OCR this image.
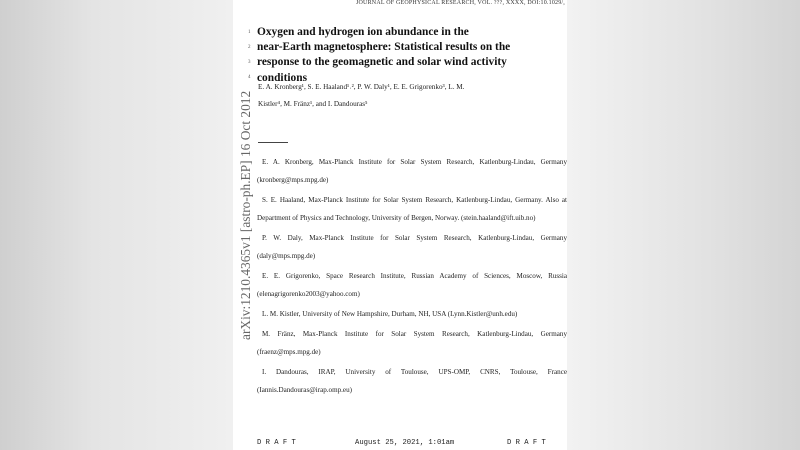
JOURNAL OF GEOPHYSICAL RESEARCH, VOL. ???, XXXX, DOI:10.1029/,
1
2
3
4
Oxygen and hydrogen ion abundance in the
near-Earth magnetosphere: Statistical results on the
response to the geomagnetic and solar wind activity
conditions
E. A. Kronberg¹, S. E. Haaland¹˒², P. W. Daly¹, E. E. Grigorenko³, L. M.
Kistler⁴, M. Fränz¹, and I. Dandouras⁵
arXiv:1210.4365v1 [astro-ph.EP] 16 Oct 2012	E. A. Kronberg, Max-Planck Institute for Solar System Research, Katlenburg-Lindau, Germany (kronberg@mps.mpg.de)

S. E. Haaland, Max-Planck Institute for Solar System Research, Katlenburg-Lindau, Germany. Also at Department of Physics and Technology, University of Bergen, Norway. (stein.haaland@ift.uib.no)

P. W. Daly, Max-Planck Institute for Solar System Research, Katlenburg-Lindau, Germany (daly@mps.mpg.de)

E. E. Grigorenko, Space Research Institute, Russian Academy of Sciences, Moscow, Russia (elenagrigorenko2003@yahoo.com)

L. M. Kistler, University of New Hampshire, Durham, NH, USA (Lynn.Kistler@unh.edu)

M. Fränz, Max-Planck Institute for Solar System Research, Katlenburg-Lindau, Germany (fraenz@mps.mpg.de)

I. Dandouras, IRAP, University of Toulouse, UPS-OMP, CNRS, Toulouse, France (Iannis.Dandouras@irap.omp.eu)

D R A F T	August 25, 2021, 1:01am	D R A F T
